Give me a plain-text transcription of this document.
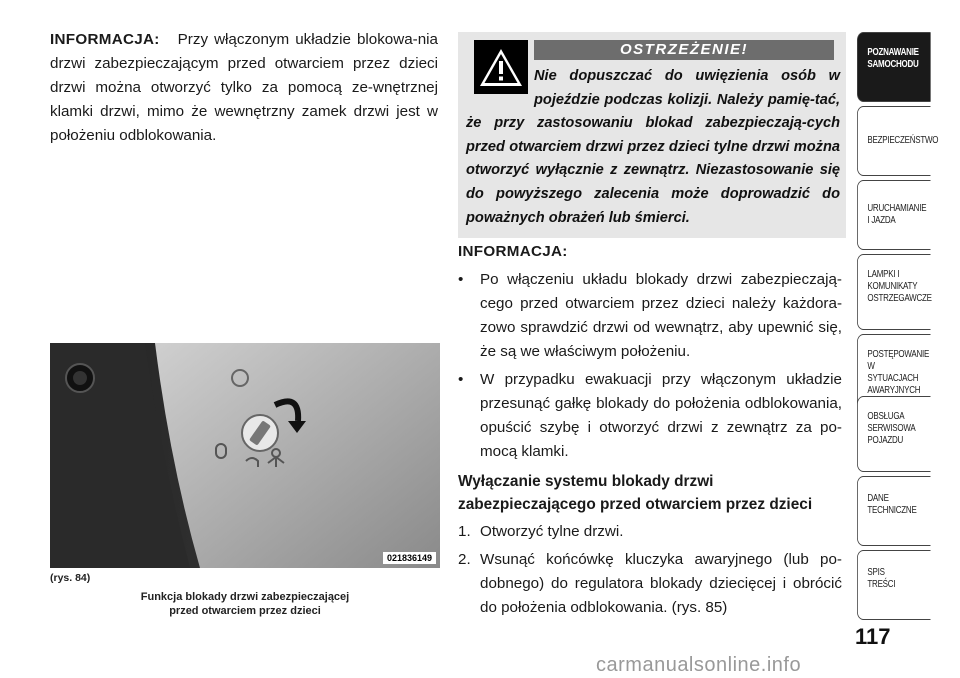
INFORMACJA: Przy włączonym układzie blokowa-nia drzwi zabezpieczającym przed otwarciem przez dzieci drzwi można otworzyć tylko za pomocą ze-wnętrznej klamki drzwi, mimo że wewnętrzny zamek drzwi jest w położeniu odblokowania.
OSTRZEŻENIE!
Nie dopuszczać do uwięzienia osób w pojeździe podczas kolizji. Należy pamię-tać, że przy zastosowaniu blokad zabezpieczają-cych przed otwarciem drzwi przez dzieci tylne drzwi można otworzyć wyłącznie z zewnątrz. Niezastosowanie się do powyższego zalecenia może doprowadzić do poważnych obrażeń lub śmierci.

INFORMACJA:

• Po włączeniu układu blokady drzwi zabezpieczają-cego przed otwarciem przez dzieci należy każdora-zowo sprawdzić drzwi od wewnątrz, aby upewnić się, że są we właściwym położeniu.
• W przypadku ewakuacji przy włączonym układzie przesunąć gałkę blokady do położenia odblokowania, opuścić szybę i otworzyć drzwi z zewnątrz za po-mocą klamki.
Wyłączanie systemu blokady drzwi zabezpieczającego przed otwarciem przez dzieci
1. Otworzyć tylne drzwi.
2. Wsunąć końcówkę kluczyka awaryjnego (lub po-dobnego) do regulatora blokady dziecięcej i obrócić do położenia odblokowania. (rys. 85)
021836149
(rys. 84)
Funkcja blokady drzwi zabezpieczającej
przed otwarciem przez dzieci
POZNAWANIE
SAMOCHODU
BEZPIECZEŃSTWO
URUCHAMIANIE
I JAZDA
LAMPKI I
KOMUNIKATY
OSTRZEGAWCZE
POSTĘPOWANIE
W SYTUACJACH
AWARYJNYCH
OBSŁUGA
SERWISOWA
POJAZDU
DANE
TECHNICZNE
SPIS
TREŚCI
117
carmanualsonline.info
